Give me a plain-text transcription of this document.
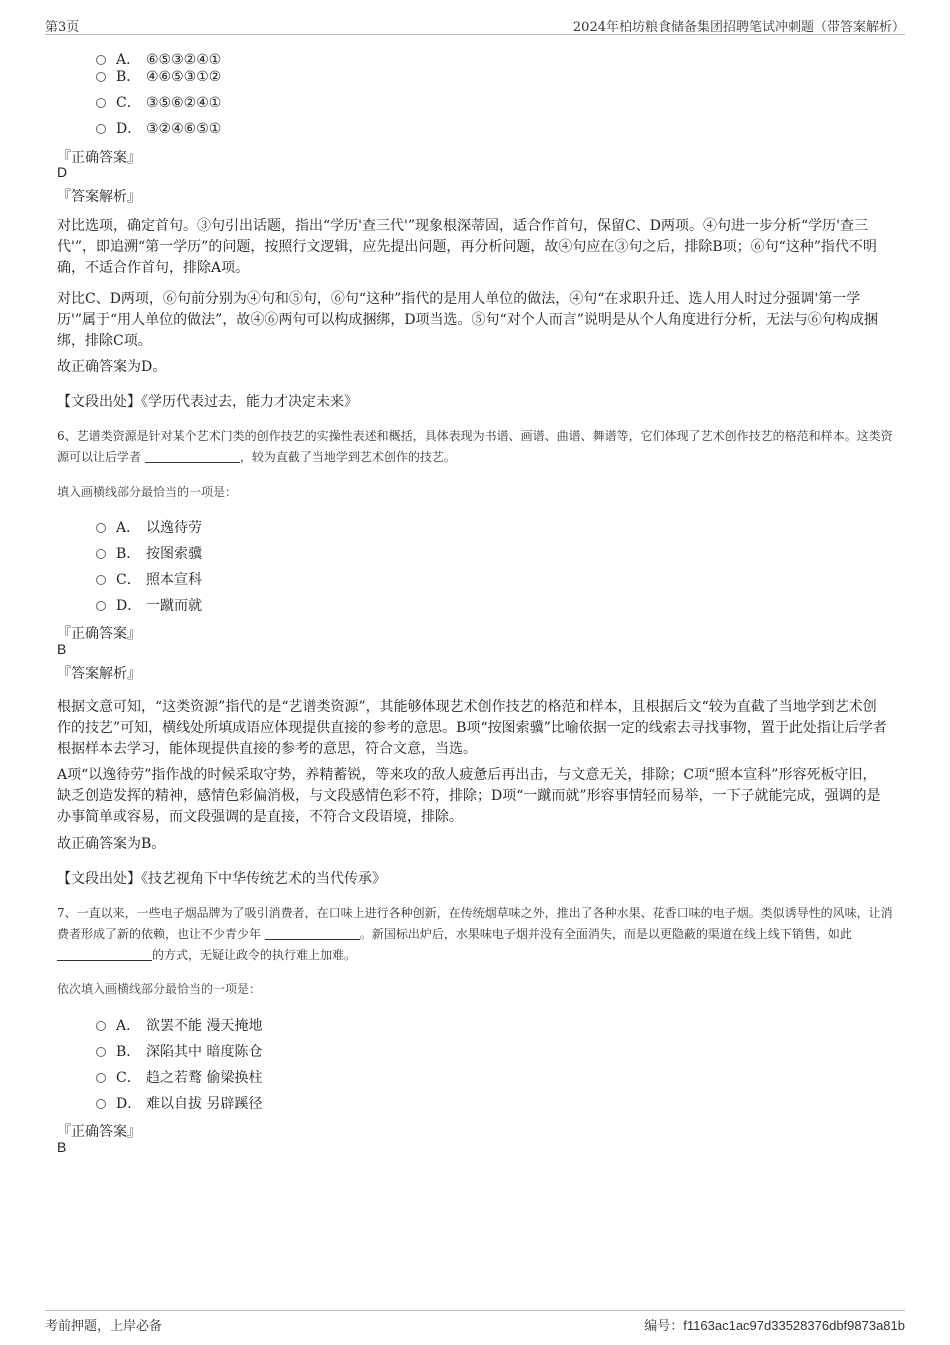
第3页	2024年柏坊粮食储备集团招聘笔试冲刺题（带答案解析）
A． ⑥⑤③②④①
B． ④⑥⑤③①②
C． ③⑤⑥②④①
D． ③②④⑥⑤①
『正确答案』
D
『答案解析』
对比选项，确定首句。③句引出话题，指出“学历'查三代'”现象根深蒂固，适合作首句，保留C、D两项。④句进一步分析“学历'查三代'”，即追溯“第一学历”的问题，按照行文逻辑，应先提出问题，再分析问题，故④句应在③句之后，排除B项；⑥句“这种”指代不明确，不适合作首句，排除A项。
对比C、D两项，⑥句前分别为④句和⑤句，⑥句“这种”指代的是用人单位的做法，④句“在求职升迁、选人用人时过分强调'第一学历'”属于“用人单位的做法”，故④⑥两句可以构成捆绑，D项当选。⑤句“对个人而言”说明是从个人角度进行分析，无法与⑥句构成捆绑，排除C项。
故正确答案为D。
【文段出处】《学历代表过去，能力才决定未来》
6、艺谱类资源是针对某个艺术门类的创作技艺的实操性表述和概括，具体表现为书谱、画谱、曲谱、舞谱等，它们体现了艺术创作技艺的格范和样本。这类资源可以让后学者	，较为直截了当地学到艺术创作的技艺。
填入画横线部分最恰当的一项是：
A． 以逸待劳
B． 按图索骥
C． 照本宣科
D． 一蹴而就
『正确答案』
B
『答案解析』
根据文意可知，“这类资源”指代的是“艺谱类资源”，其能够体现艺术创作技艺的格范和样本，且根据后文“较为直截了当地学到艺术创作的技艺”可知，横线处所填成语应体现提供直接的参考的意思。B项“按图索骥”比喻依据一定的线索去寻找事物，置于此处指让后学者根据样本去学习，能体现提供直接的参考的意思，符合文意，当选。
A项“以逸待劳”指作战的时候采取守势，养精蓄锐，等来攻的敌人疲惫后再出击，与文意无关，排除；C项“照本宣科”形容死板守旧，缺乏创造发挥的精神，感情色彩偏消极，与文段感情色彩不符，排除；D项“一蹴而就”形容事情轻而易举，一下子就能完成，强调的是办事简单或容易，而文段强调的是直接，不符合文段语境，排除。
故正确答案为B。
【文段出处】《技艺视角下中华传统艺术的当代传承》
7、一直以来，一些电子烟品牌为了吸引消费者，在口味上进行各种创新，在传统烟草味之外，推出了各种水果、花香口味的电子烟。类似诱导性的风味，让消费者形成了新的依赖，也让不少青少年	。新国标出炉后，水果味电子烟并没有全面消失，而是以更隐蔽的渠道在线上线下销售，如此 的方式，无疑让政令的执行难上加难。
依次填入画横线部分最恰当的一项是：
A． 欲罢不能 漫天掩地
B． 深陷其中 暗度陈仓
C． 趋之若鹜 偷梁换柱
D． 难以自拔 另辟蹊径
『正确答案』
B
考前押题，上岸必备	编号：f1163ac1ac97d33528376dbf9873a81b
